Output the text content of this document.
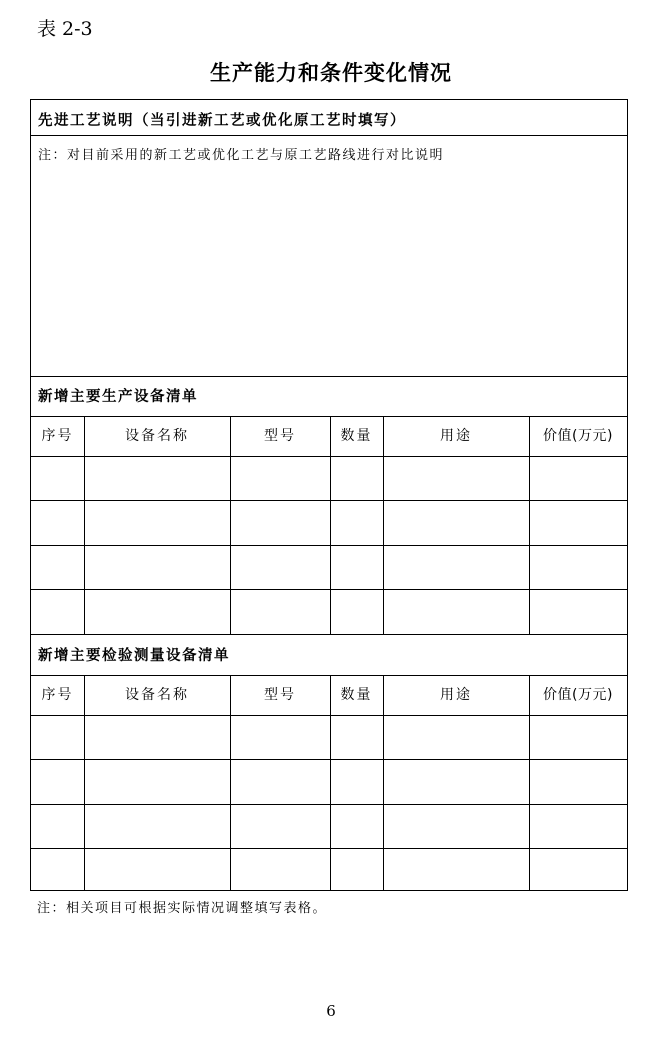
表 2-3
生产能力和条件变化情况
先进工艺说明（当引进新工艺或优化原工艺时填写）
注：对目前采用的新工艺或优化工艺与原工艺路线进行对比说明
新增主要生产设备清单
序号	设备名称	型号	数量	用途	价值(万元)
新增主要检验测量设备清单
序号	设备名称	型号	数量	用途	价值(万元)
注：相关项目可根据实际情况调整填写表格。
6
